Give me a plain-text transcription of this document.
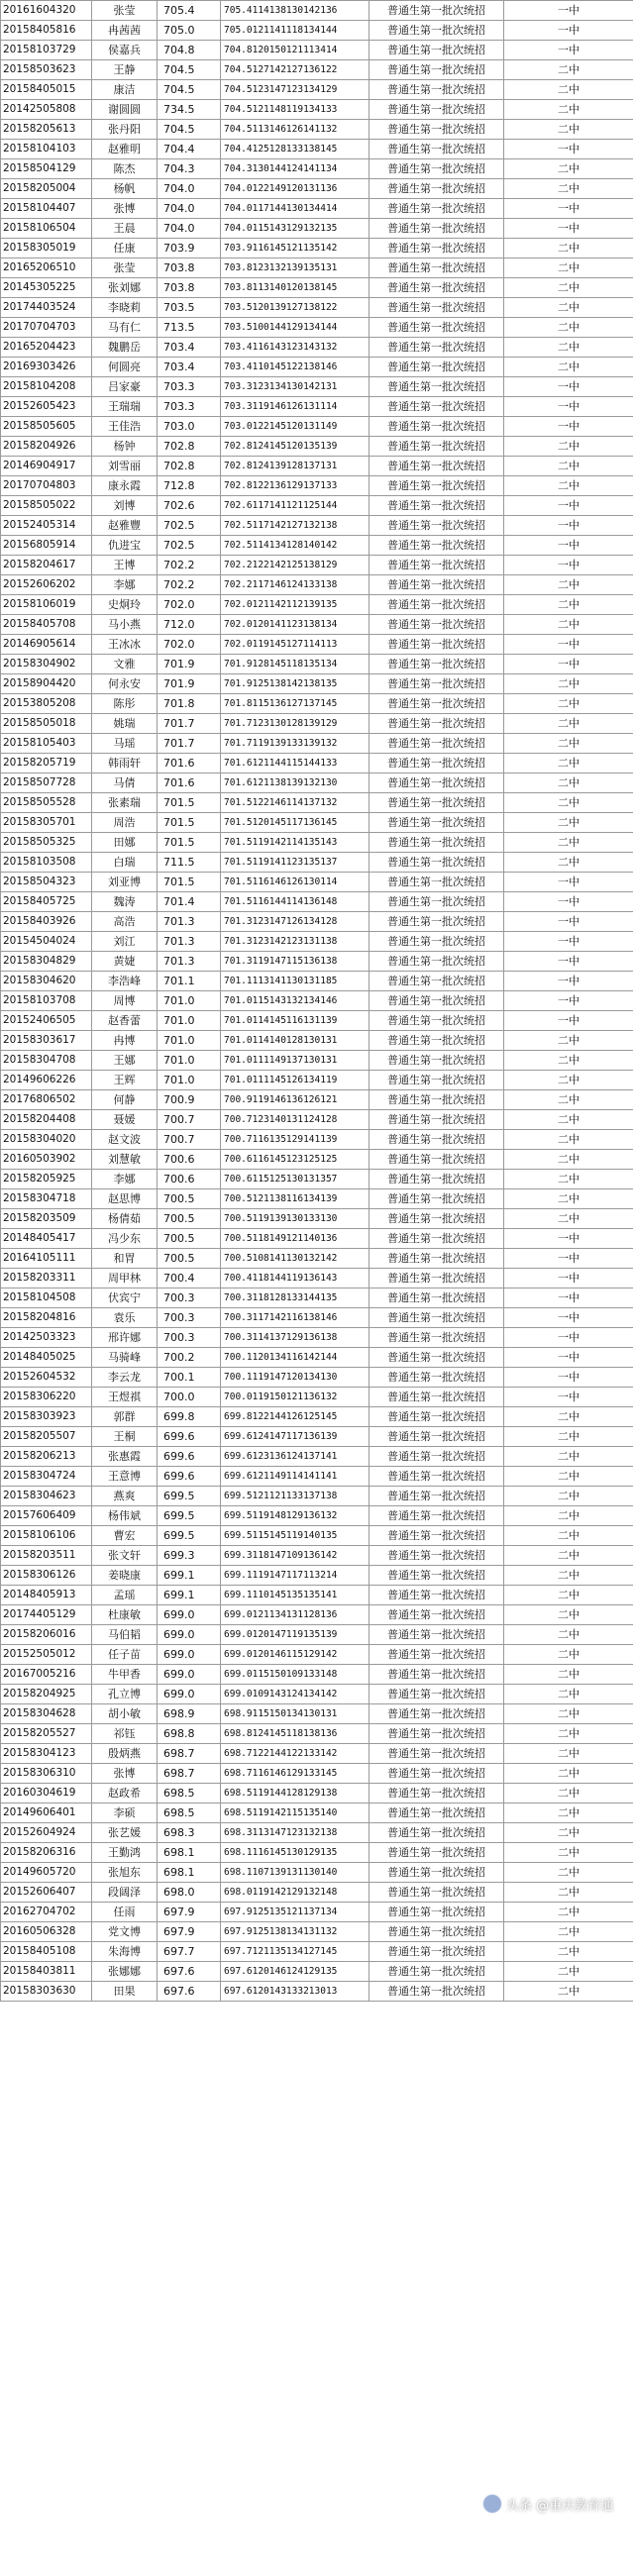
20161604320	张莹	705.4	705.4114138130142136	普通生第一批次统招	一中
20158405816	冉茜茜	705.0	705.0121141118134144	普通生第一批次统招	一中
20158103729	侯嘉兵	704.8	704.8120150121113414	普通生第一批次统招	一中
20158503623	王静	704.5	704.5127142127136122	普通生第一批次统招	二中
20158405015	康洁	704.5	704.5123147123134129	普通生第一批次统招	二中
20142505808	谢圆圆	734.5	704.5121148119134133	普通生第一批次统招	二中
20158205613	张丹阳	704.5	704.5113146126141132	普通生第一批次统招	二中
20158104103	赵雅明	704.4	704.4125128133138145	普通生第一批次统招	一中
20158504129	陈杰	704.3	704.3130144124141134	普通生第一批次统招	二中
20158205004	杨帆	704.0	704.0122149120131136	普通生第一批次统招	二中
20158104407	张博	704.0	704.0117144130134414	普通生第一批次统招	一中
20158106504	王晨	704.0	704.0115143129132135	普通生第一批次统招	一中
20158305019	任康	703.9	703.9116145121135142	普通生第一批次统招	二中
20165206510	张莹	703.8	703.8123132139135131	普通生第一批次统招	二中
20145305225	张刘娜	703.8	703.8113140120138145	普通生第一批次统招	二中
20174403524	李晓莉	703.5	703.5120139127138122	普通生第一批次统招	二中
20170704703	马有仁	713.5	703.5100144129134144	普通生第一批次统招	二中
20165204423	魏鹏岳	703.4	703.4116143123143132	普通生第一批次统招	二中
20169303426	何圆亮	703.4	703.4110145122138146	普通生第一批次统招	二中
20158104208	吕家豪	703.3	703.3123134130142131	普通生第一批次统招	一中
20152605423	王瑞瑞	703.3	703.3119146126131114	普通生第一批次统招	一中
20158505605	王佳浩	703.0	703.0122145120131149	普通生第一批次统招	一中
20158204926	杨钟	702.8	702.8124145120135139	普通生第一批次统招	二中
20146904917	刘雪丽	702.8	702.8124139128137131	普通生第一批次统招	二中
20170704803	康永霞	712.8	702.8122136129137133	普通生第一批次统招	二中
20158505022	刘博	702.6	702.6117141121125144	普通生第一批次统招	一中
20152405314	赵雅豐	702.5	702.5117142127132138	普通生第一批次统招	一中
20156805914	仇进宝	702.5	702.5114134128140142	普通生第一批次统招	一中
20158204617	王博	702.2	702.2122142125138129	普通生第一批次统招	一中
20152606202	李娜	702.2	702.2117146124133138	普通生第一批次统招	二中
20158106019	史炯玲	702.0	702.0121142112139135	普通生第一批次统招	二中
20158405708	马小燕	712.0	702.0120141123138134	普通生第一批次统招	二中
20146905614	王冰冰	702.0	702.0119145127114113	普通生第一批次统招	一中
20158304902	文雅	701.9	701.9128145118135134	普通生第一批次统招	一中
20158904420	何永安	701.9	701.9125138142138135	普通生第一批次统招	二中
20153805208	陈彤	701.8	701.8115136127137145	普通生第一批次统招	二中
20158505018	姚瑞	701.7	701.7123130128139129	普通生第一批次统招	二中
20158105403	马瑶	701.7	701.7119139133139132	普通生第一批次统招	二中
20158205719	韩雨轩	701.6	701.6121144115144133	普通生第一批次统招	二中
20158507728	马倩	701.6	701.6121138139132130	普通生第一批次统招	二中
20158505528	张素瑞	701.5	701.5122146114137132	普通生第一批次统招	二中
20158305701	周浩	701.5	701.5120145117136145	普通生第一批次统招	二中
20158505325	田娜	701.5	701.5119142114135143	普通生第一批次统招	二中
20158103508	白瑞	711.5	701.5119141123135137	普通生第一批次统招	二中
20158504323	刘亚博	701.5	701.5116146126130114	普通生第一批次统招	一中
20158405725	魏涛	701.4	701.5116144114136148	普通生第一批次统招	一中
20158403926	高浩	701.3	701.3123147126134128	普通生第一批次统招	一中
20154504024	刘江	701.3	701.3123142123131138	普通生第一批次统招	一中
20158304829	黄婕	701.3	701.3119147115136138	普通生第一批次统招	一中
20158304620	李浩峰	701.1	701.1113141130131185	普通生第一批次统招	一中
20158103708	周博	701.0	701.0115143132134146	普通生第一批次统招	一中
20152406505	赵香蕾	701.0	701.0114145116131139	普通生第一批次统招	一中
20158303617	冉博	701.0	701.0114140128130131	普通生第一批次统招	二中
20158304708	王娜	701.0	701.0111149137130131	普通生第一批次统招	二中
20149606226	王辉	701.0	701.0111145126134119	普通生第一批次统招	二中
20176806502	何静	700.9	700.9119146136126121	普通生第一批次统招	二中
20158204408	聂媛	700.7	700.7123140131124128	普通生第一批次统招	二中
20158304020	赵文波	700.7	700.7116135129141139	普通生第一批次统招	二中
20160503902	刘慧敏	700.6	700.6116145123125125	普通生第一批次统招	二中
20158205925	李娜	700.6	700.6115125130131357	普通生第一批次统招	二中
20158304718	赵思博	700.5	700.5121138116134139	普通生第一批次统招	二中
20158203509	杨倩茹	700.5	700.5119139130133130	普通生第一批次统招	二中
20148405417	冯少东	700.5	700.5118149121140136	普通生第一批次统招	一中
20164105111	和胃	700.5	700.5108141130132142	普通生第一批次统招	一中
20158203311	周甲林	700.4	700.4118144119136143	普通生第一批次统招	一中
20158104508	伏宾宁	700.3	700.3118128133144135	普通生第一批次统招	一中
20158204816	袁乐	700.3	700.3117142116138146	普通生第一批次统招	一中
20142503323	邢许娜	700.3	700.3114137129136138	普通生第一批次统招	一中
20148405025	马骑峰	700.2	700.1120134116142144	普通生第一批次统招	一中
20152604532	李云龙	700.1	700.1119147120134130	普通生第一批次统招	一中
20158306220	王煜祺	700.0	700.0119150121136132	普通生第一批次统招	一中
20158303923	郭群	699.8	699.8122144126125145	普通生第一批次统招	二中
20158205507	王桐	699.6	699.6124147117136139	普通生第一批次统招	二中
20158206213	张惠霞	699.6	699.6123136124137141	普通生第一批次统招	二中
20158304724	王意博	699.6	699.6121149114141141	普通生第一批次统招	二中
20158304623	燕爽	699.5	699.5121121133137138	普通生第一批次统招	二中
20157606409	杨伟斌	699.5	699.5119148129136132	普通生第一批次统招	二中
20158106106	曹宏	699.5	699.5115145119140135	普通生第一批次统招	二中
20158203511	张文轩	699.3	699.3118147109136142	普通生第一批次统招	二中
20158306126	姜晓康	699.1	699.1119147117113214	普通生第一批次统招	二中
20148405913	孟瑶	699.1	699.1110145135135141	普通生第一批次统招	二中
20174405129	杜康敏	699.0	699.0121134131128136	普通生第一批次统招	二中
20158206016	马伯韬	699.0	699.0120147119135139	普通生第一批次统招	二中
20152505012	任子苗	699.0	699.0120146115129142	普通生第一批次统招	二中
20167005216	牛甲香	699.0	699.0115150109133148	普通生第一批次统招	二中
20158204925	孔立博	699.0	699.0109143124134142	普通生第一批次统招	二中
20158304628	胡小敏	698.9	698.9115150134130131	普通生第一批次统招	二中
20158205527	祁钰	698.8	698.8124145118138136	普通生第一批次统招	二中
20158304123	殷炳燕	698.7	698.7122144122133142	普通生第一批次统招	二中
20158306310	张博	698.7	698.7116146129133145	普通生第一批次统招	二中
20160304619	赵政希	698.5	698.5119144128129138	普通生第一批次统招	二中
20149606401	李硕	698.5	698.5119142115135140	普通生第一批次统招	二中
20152604924	张艺媛	698.3	698.3113147123132138	普通生第一批次统招	二中
20158206316	王勤鸿	698.1	698.1116145130129135	普通生第一批次统招	二中
20149605720	张旭东	698.1	698.1107139131130140	普通生第一批次统招	二中
20152606407	段阔泽	698.0	698.0119142129132148	普通生第一批次统招	二中
20162704702	任雨	697.9	697.9125135121137134	普通生第一批次统招	二中
20160506328	党文博	697.9	697.9125138134131132	普通生第一批次统招	二中
20158405108	朱海博	697.7	697.7121135134127145	普通生第一批次统招	二中
20158403811	张娜娜	697.6	697.6120146124129135	普通生第一批次统招	二中
20158303630	田果	697.6	697.6120143133213013	普通生第一批次统招	二中
头条 @重庆教育通
